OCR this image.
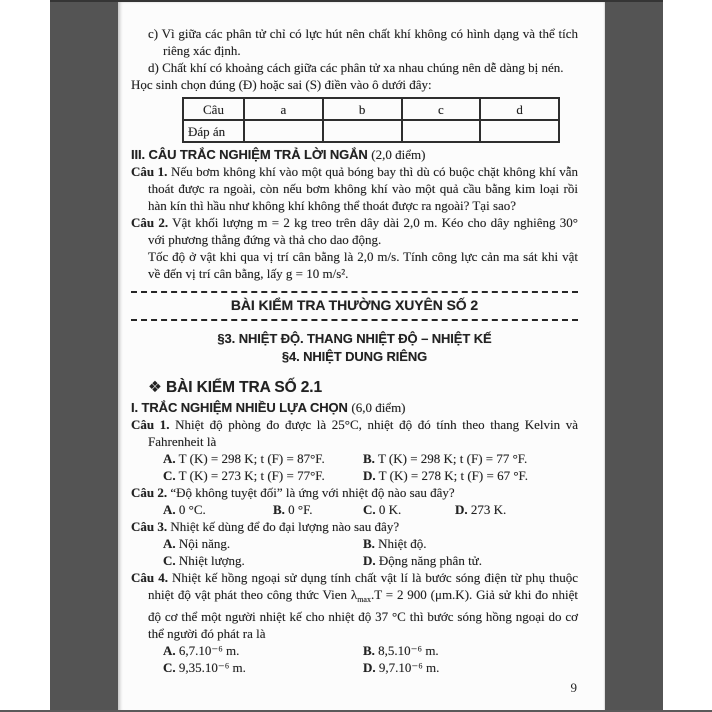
c) Vì giữa các phân tử chỉ có lực hút nên chất khí không có hình dạng và thể tích riêng xác định.

d) Chất khí có khoảng cách giữa các phân tử xa nhau chúng nên dễ dàng bị nén.

Học sinh chọn đúng (Đ) hoặc sai (S) điền vào ô dưới đây:

Câu	a	b	c	d
Đáp án				

III. CÂU TRẮC NGHIỆM TRẢ LỜI NGẮN (2,0 điểm)

Câu 1. Nếu bơm không khí vào một quả bóng bay thì dù có buộc chặt không khí vẫn thoát được ra ngoài, còn nếu bơm không khí vào một quả cầu bằng kim loại rồi hàn kín thì hầu như không khí không thể thoát được ra ngoài? Tại sao?

Câu 2. Vật khối lượng m = 2 kg treo trên dây dài 2,0 m. Kéo cho dây nghiêng 30° với phương thẳng đứng và thả cho dao động.

Tốc độ ở vật khi qua vị trí cân bằng là 2,0 m/s. Tính công lực cản ma sát khi vật về đến vị trí cân bằng, lấy g = 10 m/s².

BÀI KIỂM TRA THƯỜNG XUYÊN SỐ 2

§3. NHIỆT ĐỘ. THANG NHIỆT ĐỘ – NHIỆT KẾ

§4. NHIỆT DUNG RIÊNG

❖ BÀI KIỂM TRA SỐ 2.1

I. TRẮC NGHIỆM NHIỀU LỰA CHỌN (6,0 điểm)

Câu 1. Nhiệt độ phòng đo được là 25°C, nhiệt độ đó tính theo thang Kelvin và Fahrenheit là

A. T (K) = 298 K; t (F) = 87°F.	B. T (K) = 298 K; t (F) = 77 °F.
C. T (K) = 273 K; t (F) = 77°F.	D. T (K) = 278 K; t (F) = 67 °F.

Câu 2. “Độ không tuyệt đối” là ứng với nhiệt độ nào sau đây?

A. 0 °C.	B. 0 °F.	C. 0 K.	D. 273 K.

Câu 3. Nhiệt kế dùng để đo đại lượng nào sau đây?

A. Nội năng.	B. Nhiệt độ.
C. Nhiệt lượng.	D. Động năng phân tử.

Câu 4. Nhiệt kế hồng ngoại sử dụng tính chất vật lí là bước sóng điện từ phụ thuộc nhiệt độ vật phát theo công thức Vien $\lambda_{max}.T = 2$ 900 (μm.K). Giả sử khi đo nhiệt độ cơ thể một người nhiệt kế cho nhiệt độ 37 °C thì bước sóng hồng ngoại do cơ thể người đó phát ra là

A. 6,7.10⁻⁶ m.	B. 8,5.10⁻⁶ m.
C. 9,35.10⁻⁶ m.	D. 9,7.10⁻⁶ m.
9
